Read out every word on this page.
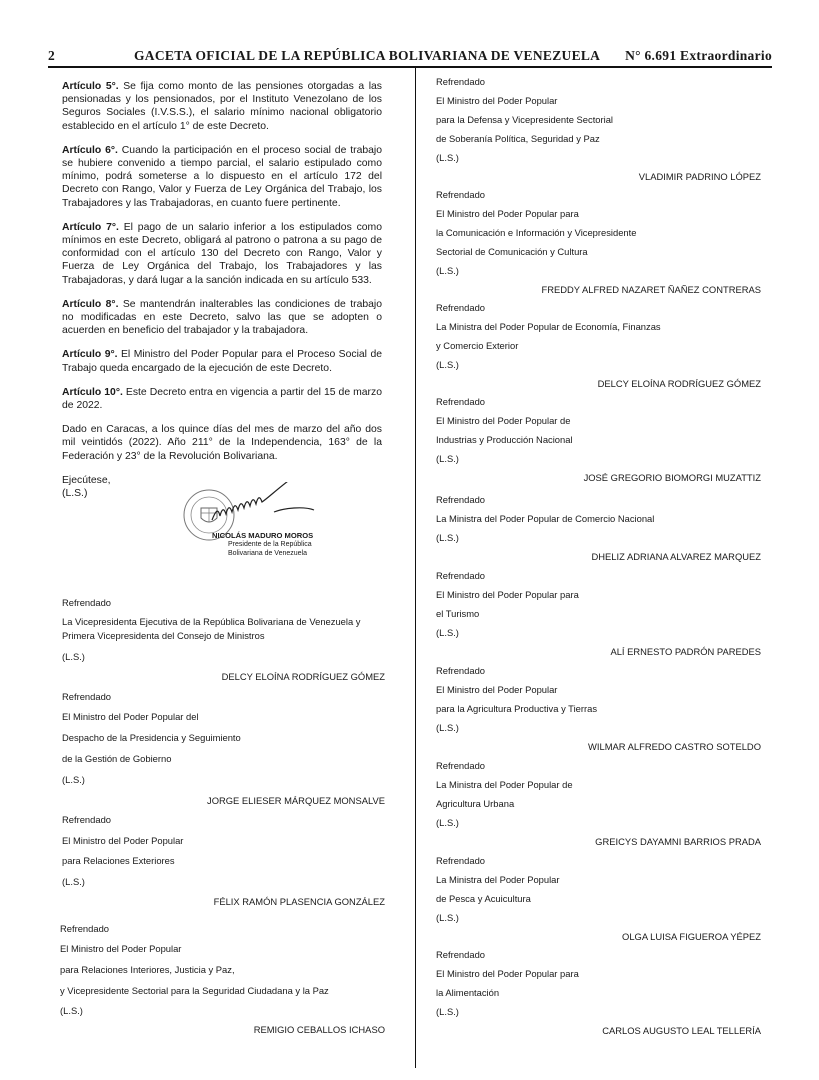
2	GACETA OFICIAL DE LA REPÚBLICA BOLIVARIANA DE VENEZUELA N° 6.691 Extraordinario

Artículo 5°. Se fija como monto de las pensiones otorgadas a las pensionadas y los pensionados, por el Instituto Venezolano de los Seguros Sociales (I.V.S.S.), el salario mínimo nacional obligatorio establecido en el artículo 1° de este Decreto.

Artículo 6°. Cuando la participación en el proceso social de trabajo se hubiere convenido a tiempo parcial, el salario estipulado como mínimo, podrá someterse a lo dispuesto en el artículo 172 del Decreto con Rango, Valor y Fuerza de Ley Orgánica del Trabajo, los Trabajadores y las Trabajadoras, en cuanto fuere pertinente.

Artículo 7°. El pago de un salario inferior a los estipulados como mínimos en este Decreto, obligará al patrono o patrona a su pago de conformidad con el artículo 130 del Decreto con Rango, Valor y Fuerza de Ley Orgánica del Trabajo, los Trabajadores y las Trabajadoras, y dará lugar a la sanción indicada en su artículo 533.

Artículo 8°. Se mantendrán inalterables las condiciones de trabajo no modificadas en este Decreto, salvo las que se adopten o acuerden en beneficio del trabajador y la trabajadora.

Artículo 9°. El Ministro del Poder Popular para el Proceso Social de Trabajo queda encargado de la ejecución de este Decreto.

Artículo 10°. Este Decreto entra en vigencia a partir del 15 de marzo de 2022.

Dado en Caracas, a los quince días del mes de marzo del año dos mil veintidós (2022). Año 211° de la Independencia, 163° de la Federación y 23° de la Revolución Bolivariana.

Ejecútese,
(L.S.)
NICOLÁS MADURO MOROS
Presidente de la República
Bolivariana de Venezuela
Refrendado
La Vicepresidenta Ejecutiva de la República Bolivariana de Venezuela y
Primera Vicepresidenta del Consejo de Ministros
(L.S.)
DELCY ELOÍNA RODRÍGUEZ GÓMEZ
Refrendado
El Ministro del Poder Popular del
Despacho de la Presidencia y Seguimiento
de la Gestión de Gobierno
(L.S.)
JORGE ELIESER MÁRQUEZ MONSALVE
Refrendado
El Ministro del Poder Popular
para Relaciones Exteriores
(L.S.)
FÉLIX RAMÓN PLASENCIA GONZÁLEZ
Refrendado
El Ministro del Poder Popular
para Relaciones Interiores, Justicia y Paz,
y Vicepresidente Sectorial para la Seguridad Ciudadana y la Paz
(L.S.)
REMIGIO CEBALLOS ICHASO
Refrendado
El Ministro del Poder Popular
para la Defensa y Vicepresidente Sectorial
de Soberanía Política, Seguridad y Paz
(L.S.)
VLADIMIR PADRINO LÓPEZ
Refrendado
El Ministro del Poder Popular para
la Comunicación e Información y Vicepresidente
Sectorial de Comunicación y Cultura
(L.S.)
FREDDY ALFRED NAZARET ÑAÑEZ CONTRERAS
Refrendado
La Ministra del Poder Popular de Economía, Finanzas
y Comercio Exterior
(L.S.)
DELCY ELOÍNA RODRÍGUEZ GÓMEZ
Refrendado
El Ministro del Poder Popular de
Industrias y Producción Nacional
(L.S.)
JOSÉ GREGORIO BIOMORGI MUZATTIZ
Refrendado
La Ministra del Poder Popular de Comercio Nacional
(L.S.)
DHELIZ ADRIANA ALVAREZ MARQUEZ
Refrendado
El Ministro del Poder Popular para
el Turismo
(L.S.)
ALÍ ERNESTO PADRÓN PAREDES
Refrendado
El Ministro del Poder Popular
para la Agricultura Productiva y Tierras
(L.S.)
WILMAR ALFREDO CASTRO SOTELDO
Refrendado
La Ministra del Poder Popular de
Agricultura Urbana
(L.S.)
GREICYS DAYAMNI BARRIOS PRADA
Refrendado
La Ministra del Poder Popular
de Pesca y Acuicultura
(L.S.)
OLGA LUISA FIGUEROA YÉPEZ
Refrendado
El Ministro del Poder Popular para
la Alimentación
(L.S.)
CARLOS AUGUSTO LEAL TELLERÍA
